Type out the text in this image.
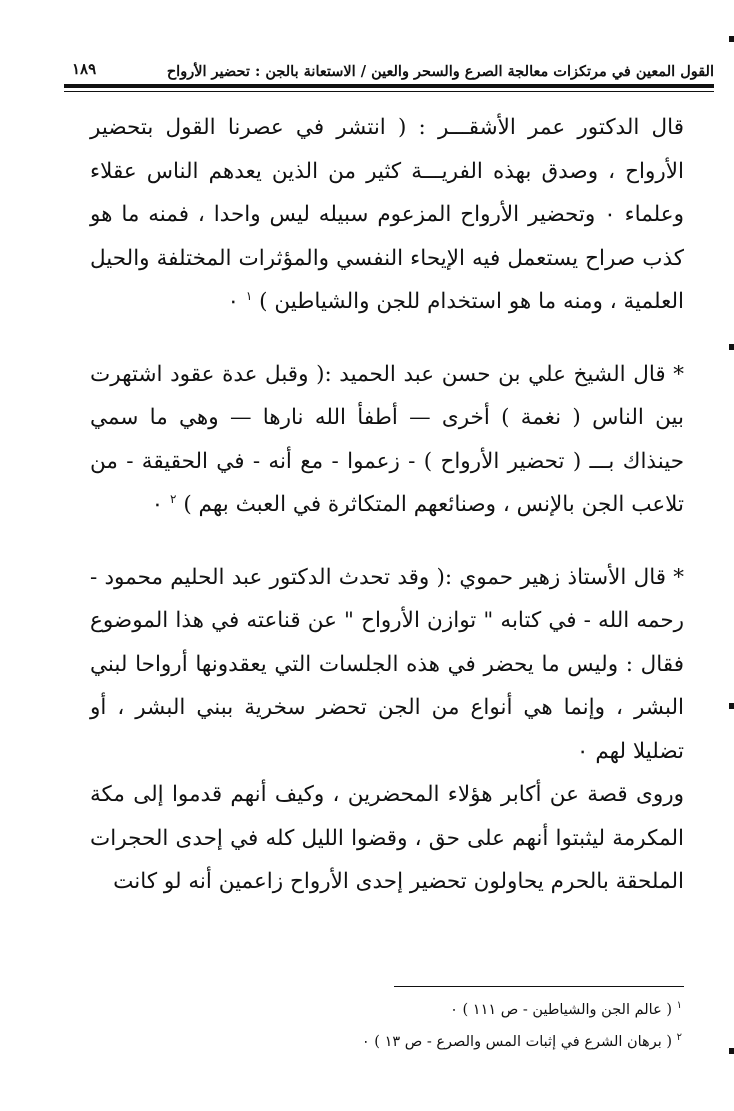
القول المعين في مرتكزات معالجة الصرع والسحر والعين / الاستعانة بالجن : تحضير الأرواح
١٨٩

قال الدكتور عمر الأشقـــر : ( انتشر في عصرنا القول بتحضير الأرواح ، وصدق بهذه الفريـــة كثير من الذين يعدهم الناس عقلاء وعلماء ٠ وتحضير الأرواح المزعوم سبيله ليس واحدا ، فمنه ما هو كذب صراح يستعمل فيه الإيحاء النفسي والمؤثرات المختلفة والحيل العلمية ، ومنه ما هو استخدام للجن والشياطين ) $^١$ ٠

* قال الشيخ علي بن حسن عبد الحميد :( وقبل عدة عقود اشتهرت بين الناس ( نغمة ) أخرى — أطفأ الله نارها — وهي ما سمي حينذاك بـــ ( تحضير الأرواح ) - زعموا - مع أنه - في الحقيقة - من تلاعب الجن بالإنس ، وصنائعهم المتكاثرة في العبث بهم ) $^٢$ ٠

* قال الأستاذ زهير حموي :( وقد تحدث الدكتور عبد الحليم محمود - رحمه الله - في كتابه " توازن الأرواح " عن قناعته في هذا الموضوع فقال : وليس ما يحضر في هذه الجلسات التي يعقدونها أرواحا لبني البشر ، وإنما هي أنواع من الجن تحضر سخرية ببني البشر ، أو تضليلا لهم ٠

وروى قصة عن أكابر هؤلاء المحضرين ، وكيف أنهم قدموا إلى مكة المكرمة ليثبتوا أنهم على حق ، وقضوا الليل كله في إحدى الحجرات الملحقة بالحرم يحاولون تحضير إحدى الأرواح زاعمين أنه لو كانت

$^١$ ( عالم الجن والشياطين - ص ١١١ ) ٠

$^٢$ ( برهان الشرع في إثبات المس والصرع - ص ١٣ ) ٠
